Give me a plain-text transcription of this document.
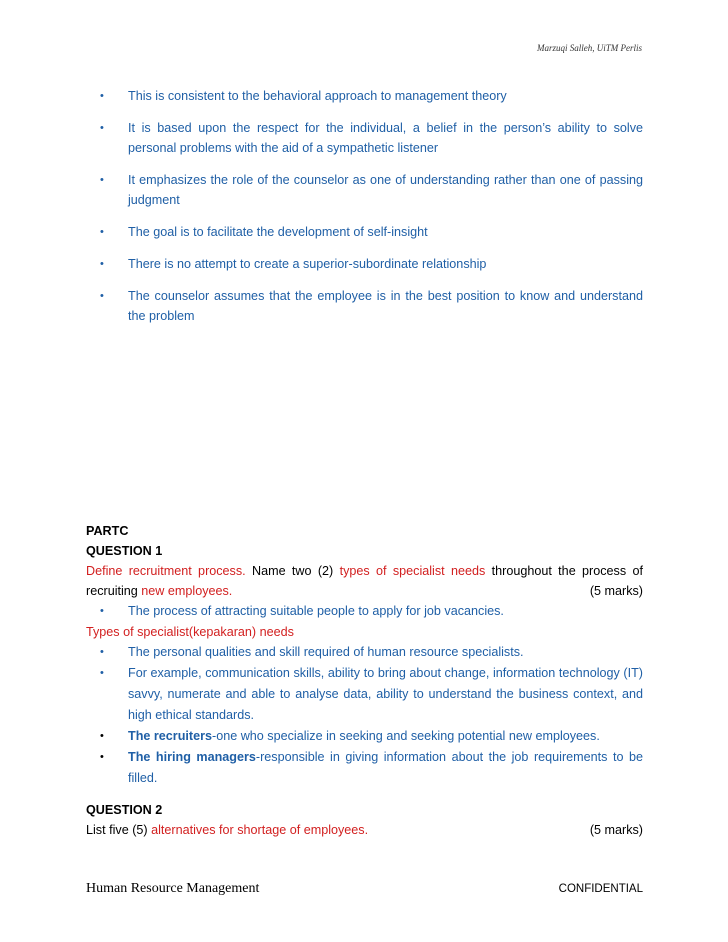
Marzuqi Salleh, UiTM Perlis
• This is consistent to the behavioral approach to management theory
• It is based upon the respect for the individual, a belief in the person’s ability to solve personal problems with the aid of a sympathetic listener
• It emphasizes the role of the counselor as one of understanding rather than one of passing judgment
• The goal is to facilitate the development of self-insight
• There is no attempt to create a superior-subordinate relationship
• The counselor assumes that the employee is in the best position to know and understand the problem
PARTC
QUESTION 1
Define recruitment process. Name two (2) types of specialist needs throughout the process of recruiting new employees.	(5 marks)
• The process of attracting suitable people to apply for job vacancies.
Types of specialist(kepakaran) needs
• The personal qualities and skill required of human resource specialists.
• For example, communication skills, ability to bring about change, information technology (IT) savvy, numerate and able to analyse data, ability to understand the business context, and high ethical standards.
• The recruiters-one who specialize in seeking and seeking potential new employees.
• The hiring managers-responsible in giving information about the job requirements to be filled.
QUESTION 2
List five (5) alternatives for shortage of employees.	(5 marks)
Human Resource Management	CONFIDENTIAL
